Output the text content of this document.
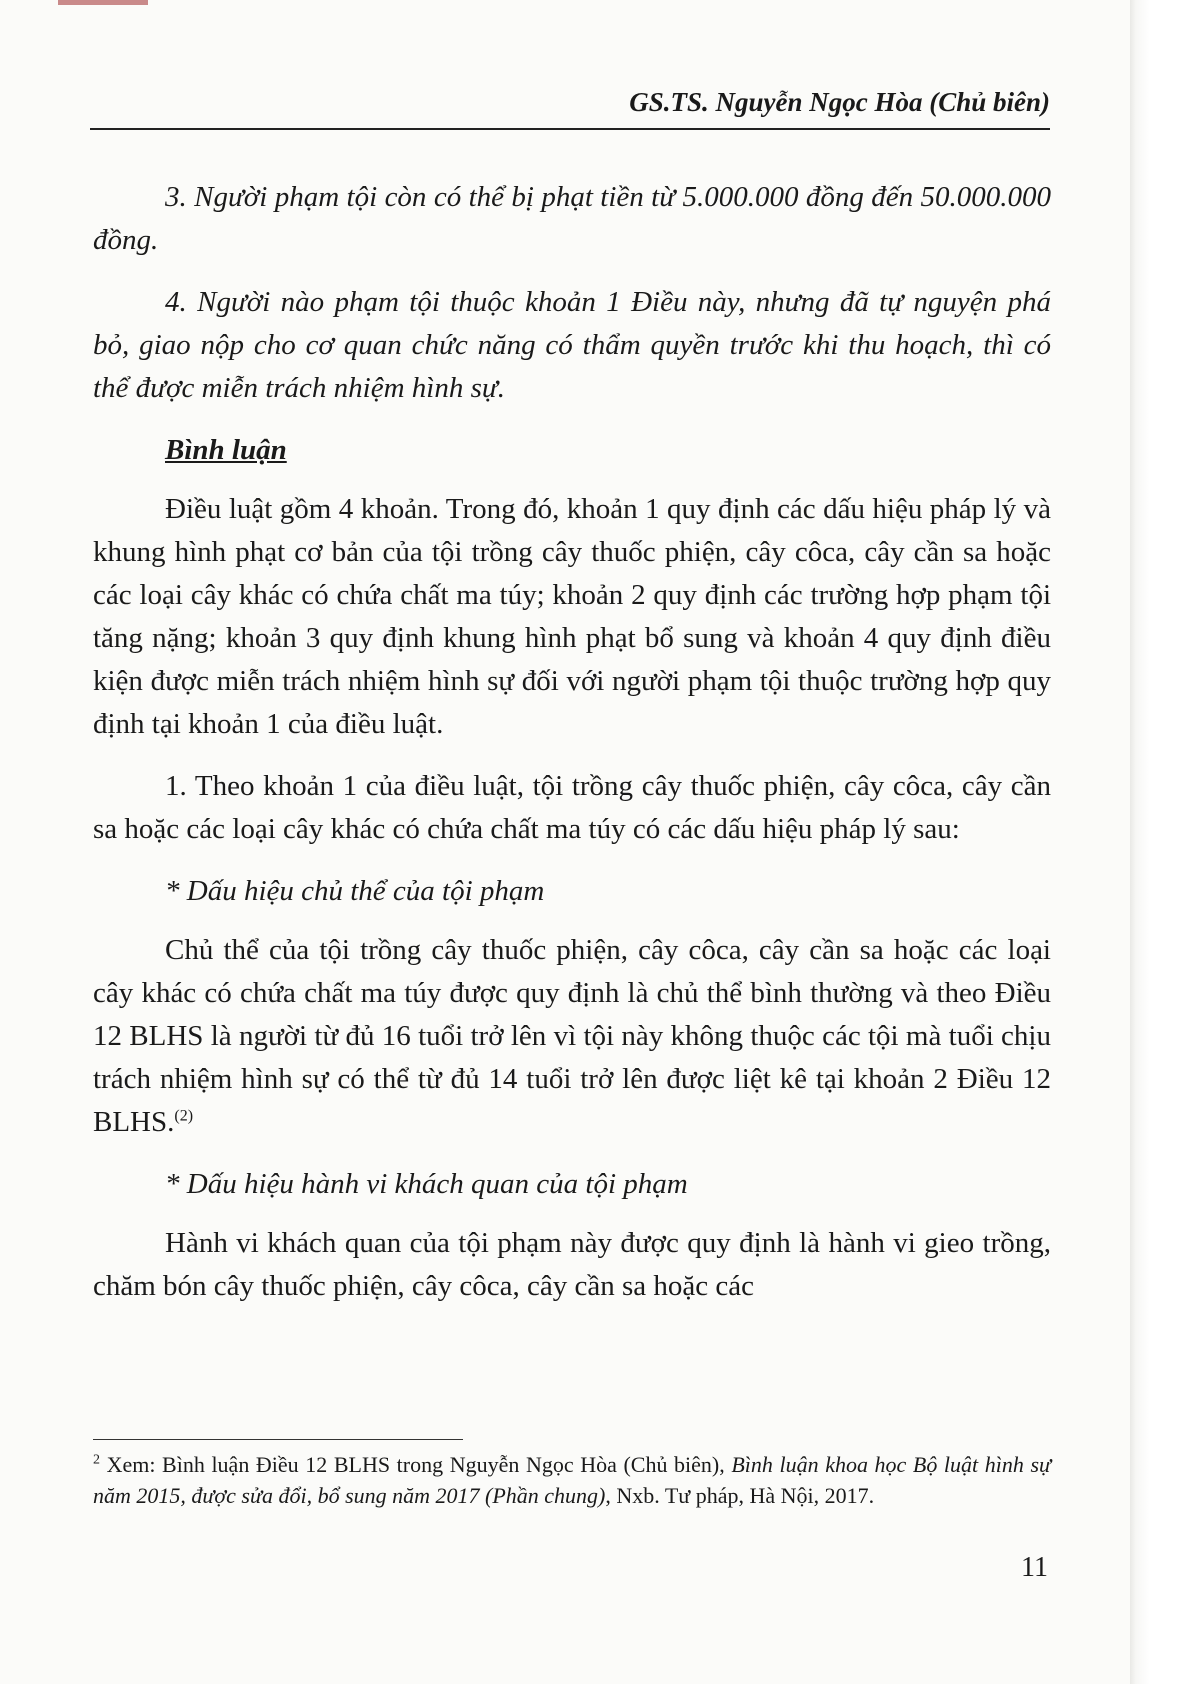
GS.TS. Nguyễn Ngọc Hòa (Chủ biên)

3. Người phạm tội còn có thể bị phạt tiền từ 5.000.000 đồng đến 50.000.000 đồng.

4. Người nào phạm tội thuộc khoản 1 Điều này, nhưng đã tự nguyện phá bỏ, giao nộp cho cơ quan chức năng có thẩm quyền trước khi thu hoạch, thì có thể được miễn trách nhiệm hình sự.

Bình luận

Điều luật gồm 4 khoản. Trong đó, khoản 1 quy định các dấu hiệu pháp lý và khung hình phạt cơ bản của tội trồng cây thuốc phiện, cây côca, cây cần sa hoặc các loại cây khác có chứa chất ma túy; khoản 2 quy định các trường hợp phạm tội tăng nặng; khoản 3 quy định khung hình phạt bổ sung và khoản 4 quy định điều kiện được miễn trách nhiệm hình sự đối với người phạm tội thuộc trường hợp quy định tại khoản 1 của điều luật.

1. Theo khoản 1 của điều luật, tội trồng cây thuốc phiện, cây côca, cây cần sa hoặc các loại cây khác có chứa chất ma túy có các dấu hiệu pháp lý sau:

* Dấu hiệu chủ thể của tội phạm

Chủ thể của tội trồng cây thuốc phiện, cây côca, cây cần sa hoặc các loại cây khác có chứa chất ma túy được quy định là chủ thể bình thường và theo Điều 12 BLHS là người từ đủ 16 tuổi trở lên vì tội này không thuộc các tội mà tuổi chịu trách nhiệm hình sự có thể từ đủ 14 tuổi trở lên được liệt kê tại khoản 2 Điều 12 BLHS.$^{(2)}$

* Dấu hiệu hành vi khách quan của tội phạm

Hành vi khách quan của tội phạm này được quy định là hành vi gieo trồng, chăm bón cây thuốc phiện, cây côca, cây cần sa hoặc các

$^2$ Xem: Bình luận Điều 12 BLHS trong Nguyễn Ngọc Hòa (Chủ biên), Bình luận khoa học Bộ luật hình sự năm 2015, được sửa đổi, bổ sung năm 2017 (Phần chung), Nxb. Tư pháp, Hà Nội, 2017.

11
